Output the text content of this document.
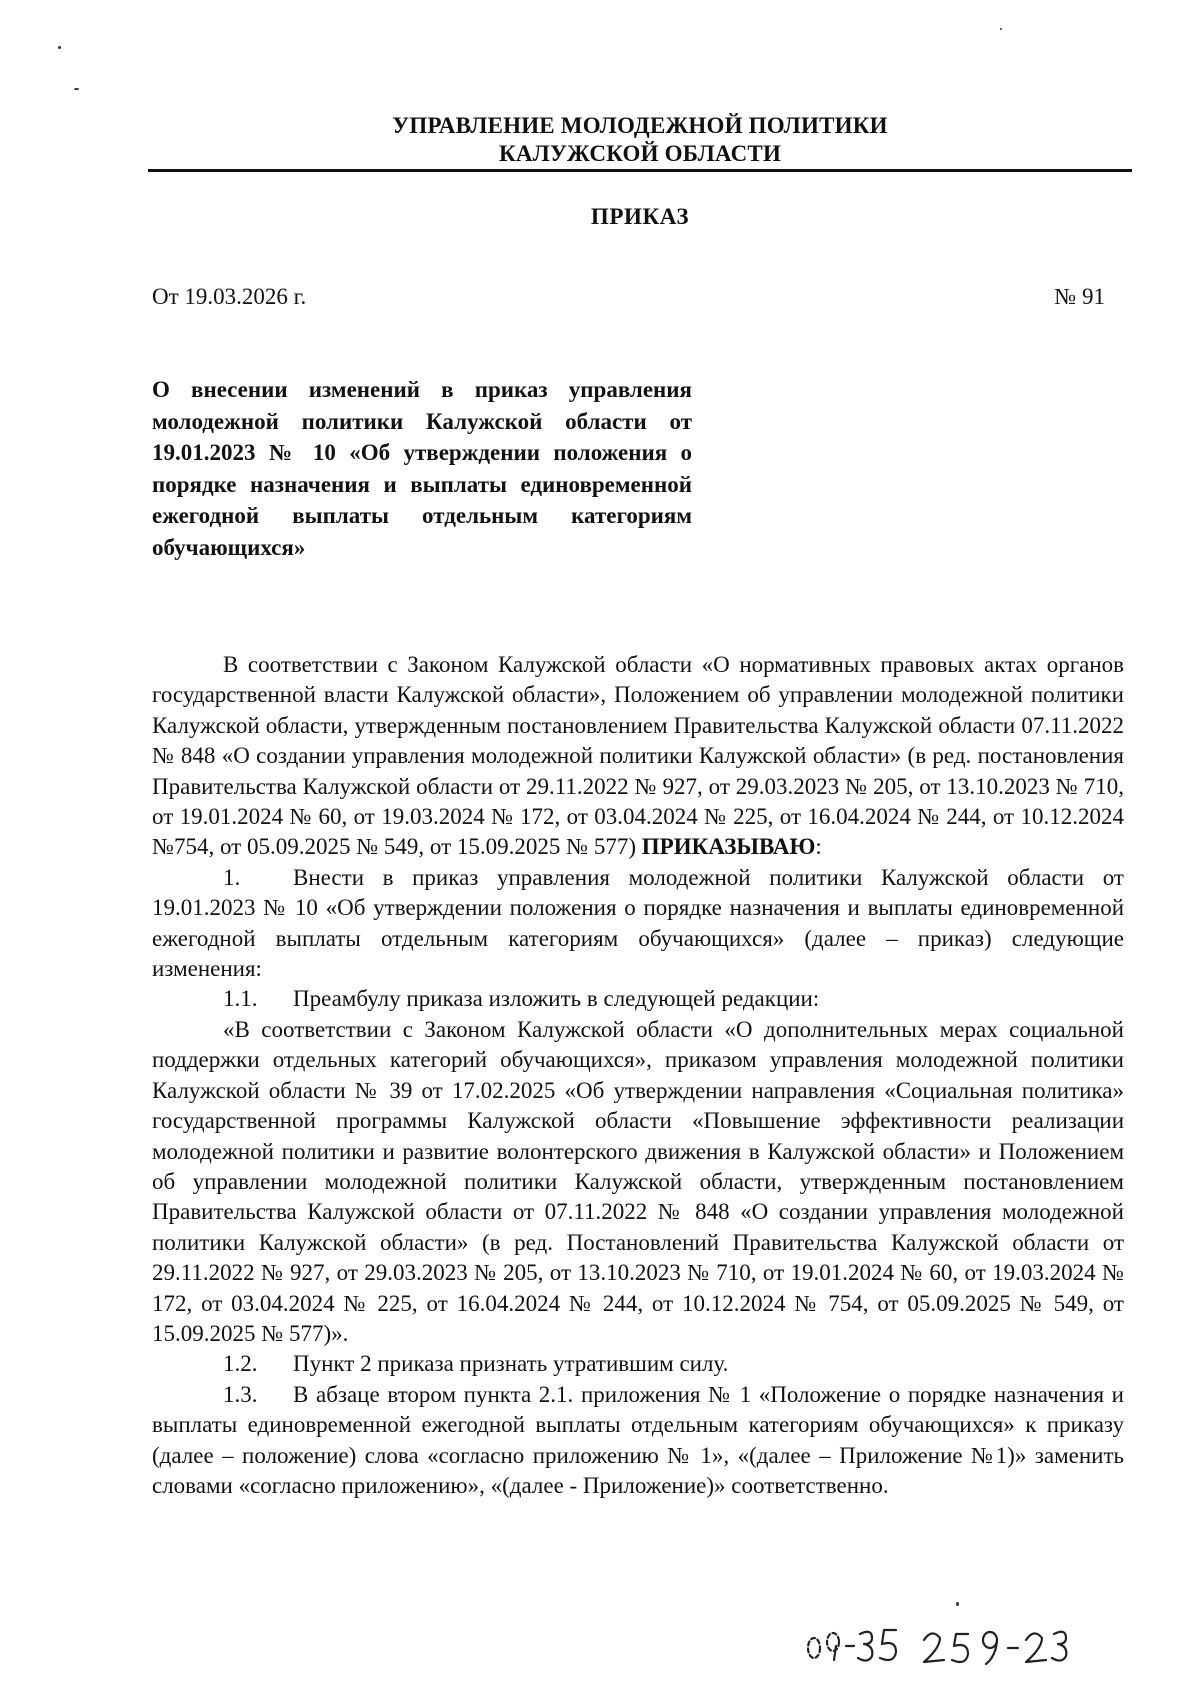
УПРАВЛЕНИЕ МОЛОДЕЖНОЙ ПОЛИТИКИ
КАЛУЖСКОЙ ОБЛАСТИ
ПРИКАЗ
От 19.03.2026 г.	№ 91
О внесении изменений в приказ управления молодежной политики Калужской области от 19.01.2023 № 10 «Об утверждении положения о порядке назначения и выплаты единовременной ежегодной выплаты отдельным категориям обучающихся»

В соответствии с Законом Калужской области «О нормативных правовых актах органов государственной власти Калужской области», Положением об управлении молодежной политики Калужской области, утвержденным постановлением Правительства Калужской области 07.11.2022 № 848 «О создании управления молодежной политики Калужской области» (в ред. постановления Правительства Калужской области от 29.11.2022 № 927, от 29.03.2023 № 205, от 13.10.2023 № 710, от 19.01.2024 № 60, от 19.03.2024 № 172, от 03.04.2024 № 225, от 16.04.2024 № 244, от 10.12.2024 №754, от 05.09.2025 № 549, от 15.09.2025 № 577) ПРИКАЗЫВАЮ:

1. Внести в приказ управления молодежной политики Калужской области от 19.01.2023 № 10 «Об утверждении положения о порядке назначения и выплаты единовременной ежегодной выплаты отдельным категориям обучающихся» (далее – приказ) следующие изменения:

1.1. Преамбулу приказа изложить в следующей редакции:

«В соответствии с Законом Калужской области «О дополнительных мерах социальной поддержки отдельных категорий обучающихся», приказом управления молодежной политики Калужской области № 39 от 17.02.2025 «Об утверждении направления «Социальная политика» государственной программы Калужской области «Повышение эффективности реализации молодежной политики и развитие волонтерского движения в Калужской области» и Положением об управлении молодежной политики Калужской области, утвержденным постановлением Правительства Калужской области от 07.11.2022 № 848 «О создании управления молодежной политики Калужской области» (в ред. Постановлений Правительства Калужской области от 29.11.2022 № 927, от 29.03.2023 № 205, от 13.10.2023 № 710, от 19.01.2024 № 60, от 19.03.2024 № 172, от 03.04.2024 № 225, от 16.04.2024 № 244, от 10.12.2024 № 754, от 05.09.2025 № 549, от 15.09.2025 № 577)».

1.2. Пункт 2 приказа признать утратившим силу.

1.3. В абзаце втором пункта 2.1. приложения № 1 «Положение о порядке назначения и выплаты единовременной ежегодной выплаты отдельным категориям обучающихся» к приказу (далее – положение) слова «согласно приложению № 1», «(далее – Приложение №1)» заменить словами «согласно приложению», «(далее - Приложение)» соответственно.
